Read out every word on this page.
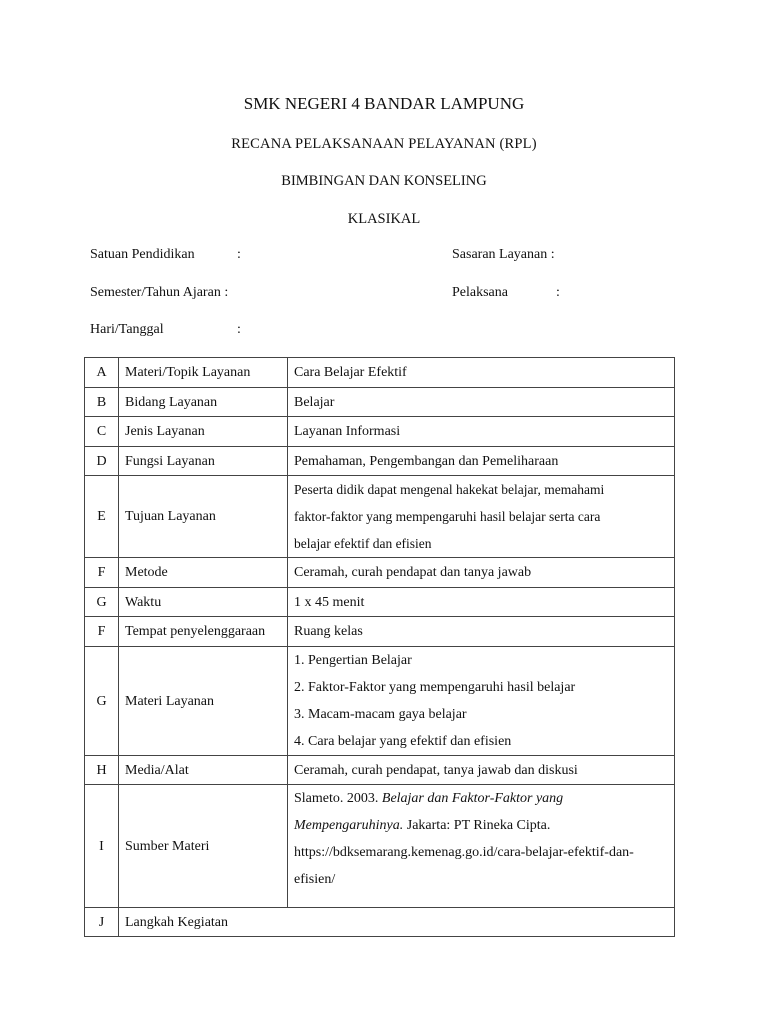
SMK NEGERI 4 BANDAR LAMPUNG
RECANA PELAKSANAAN PELAYANAN (RPL)
BIMBINGAN DAN KONSELING
KLASIKAL
Satuan Pendidikan	:	Sasaran Layanan :
Semester/Tahun Ajaran :	Pelaksana	:
Hari/Tanggal	:
A	Materi/Topik Layanan	Cara Belajar Efektif
B	Bidang Layanan	Belajar
C	Jenis Layanan	Layanan Informasi
D	Fungsi Layanan	Pemahaman, Pengembangan dan Pemeliharaan
E	Tujuan Layanan	Peserta didik dapat mengenal hakekat belajar, memahami
faktor-faktor yang mempengaruhi hasil belajar serta cara
belajar efektif dan efisien

F	Metode	Ceramah, curah pendapat dan tanya jawab
G	Waktu	1 x 45 menit
F	Tempat penyelenggaraan	Ruang kelas
G	Materi Layanan	1. Pengertian Belajar
2. Faktor-Faktor yang mempengaruhi hasil belajar
3. Macam-macam gaya belajar
4. Cara belajar yang efektif dan efisien

H	Media/Alat	Ceramah, curah pendapat, tanya jawab dan diskusi
I	Sumber Materi	Slameto. 2003. Belajar dan Faktor-Faktor yang
Mempengaruhinya. Jakarta: PT Rineka Cipta.
https://bdksemarang.kemenag.go.id/cara-belajar-efektif-dan-
efisien/

J	Langkah Kegiatan	
